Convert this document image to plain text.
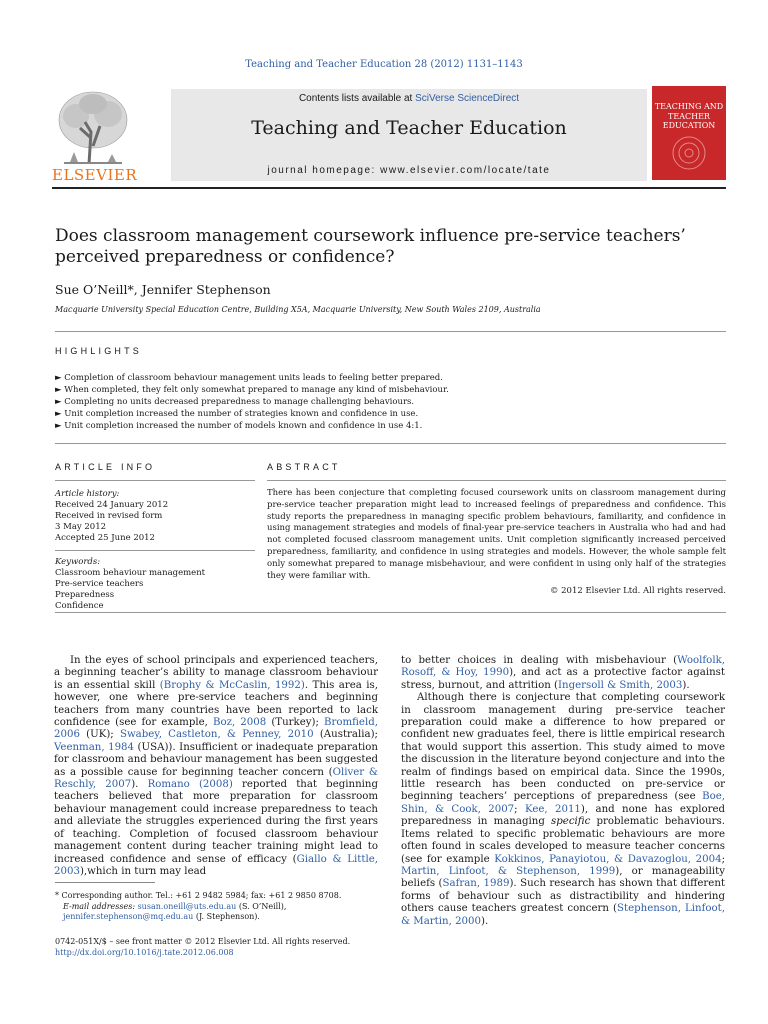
Teaching and Teacher Education 28 (2012) 1131–1143
ELSEVIER
Contents lists available at SciVerse ScienceDirect
Teaching and Teacher Education
journal homepage: www.elsevier.com/locate/tate
TEACHING AND TEACHER EDUCATION
Does classroom management coursework influence pre-service teachers’ perceived preparedness or confidence?
Sue O’Neill*, Jennifer Stephenson
Macquarie University Special Education Centre, Building X5A, Macquarie University, New South Wales 2109, Australia
HIGHLIGHTS
► Completion of classroom behaviour management units leads to feeling better prepared.
► When completed, they felt only somewhat prepared to manage any kind of misbehaviour.
► Completing no units decreased preparedness to manage challenging behaviours.
► Unit completion increased the number of strategies known and confidence in use.
► Unit completion increased the number of models known and confidence in use 4:1.
ARTICLE INFO	ABSTRACT
Article history:
Received 24 January 2012
Received in revised form
3 May 2012
Accepted 25 June 2012
Keywords:
Classroom behaviour management
Pre-service teachers
Preparedness
Confidence
There has been conjecture that completing focused coursework units on classroom management during pre-service teacher preparation might lead to increased feelings of preparedness and confidence. This study reports the preparedness in managing specific problem behaviours, familiarity, and confidence in using management strategies and models of final-year pre-service teachers in Australia who had and had not completed focused classroom management units. Unit completion significantly increased perceived preparedness, familiarity, and confidence in using strategies and models. However, the whole sample felt only somewhat prepared to manage misbehaviour, and were confident in using only half of the strategies they were familiar with.
© 2012 Elsevier Ltd. All rights reserved.

In the eyes of school principals and experienced teachers, a beginning teacher’s ability to manage classroom behaviour is an essential skill (Brophy & McCaslin, 1992). This area is, however, one where pre-service teachers and beginning teachers from many countries have been reported to lack confidence (see for example, Boz, 2008 (Turkey); Bromfield, 2006 (UK); Swabey, Castleton, & Penney, 2010 (Australia); Veenman, 1984 (USA)). Insufficient or inadequate preparation for classroom and behaviour management has been suggested as a possible cause for beginning teacher concern (Oliver & Reschly, 2007). Romano (2008) reported that beginning teachers believed that more preparation for classroom behaviour management could increase preparedness to teach and alleviate the struggles experienced during the first years of teaching. Completion of focused classroom behaviour management content during teacher training might lead to increased confidence and sense of efficacy (Giallo & Little, 2003),which in turn may lead

to better choices in dealing with misbehaviour (Woolfolk, Rosoff, & Hoy, 1990), and act as a protective factor against stress, burnout, and attrition (Ingersoll & Smith, 2003).

Although there is conjecture that completing coursework in classroom management during pre-service teacher preparation could make a difference to how prepared or confident new graduates feel, there is little empirical research that would support this assertion. This study aimed to move the discussion in the literature beyond conjecture and into the realm of findings based on empirical data. Since the 1990s, little research has been conducted on pre-service or beginning teachers’ perceptions of preparedness (see Boe, Shin, & Cook, 2007; Kee, 2011), and none has explored preparedness in managing specific problematic behaviours. Items related to specific problematic behaviours are more often found in scales developed to measure teacher concerns (see for example Kokkinos, Panayiotou, & Davazoglou, 2004; Martin, Linfoot, & Stephenson, 1999), or manageability beliefs (Safran, 1989). Such research has shown that different forms of behaviour such as distractibility and hindering others cause teachers greatest concern (Stephenson, Linfoot, & Martin, 2000).

* Corresponding author. Tel.: +61 2 9482 5984; fax: +61 2 9850 8708.
E-mail addresses: susan.oneill@uts.edu.au (S. O’Neill), jennifer.stephenson@mq.edu.au (J. Stephenson).
0742-051X/$ – see front matter © 2012 Elsevier Ltd. All rights reserved.
http://dx.doi.org/10.1016/j.tate.2012.06.008
